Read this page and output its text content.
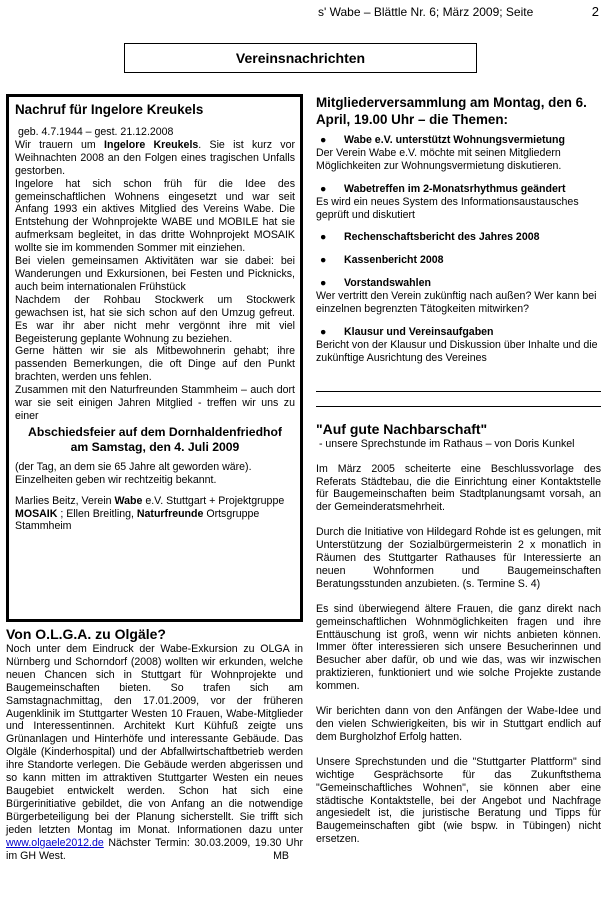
s' Wabe – Blättle Nr. 6; März 2009; Seite	2
Vereinsnachrichten
Nachruf für Ingelore Kreukels
geb. 4.7.1944 – gest. 21.12.2008
Wir trauern um Ingelore Kreukels. Sie ist kurz vor Weihnachten 2008 an den Folgen eines tragischen Unfalls gestorben.
Ingelore hat sich schon früh für die Idee des gemeinschaftlichen Wohnens eingesetzt und war seit Anfang 1993 ein aktives Mitglied des Vereins Wabe. Die Entstehung der Wohnprojekte WABE und MOBILE hat sie aufmerksam begleitet, in das dritte Wohnprojekt MOSAIK wollte sie im kommenden Sommer mit einziehen.
Bei vielen gemeinsamen Aktivitäten war sie dabei: bei Wanderungen und Exkursionen, bei Festen und Picknicks, auch beim internationalen Frühstück
Nachdem der Rohbau Stockwerk um Stockwerk gewachsen ist, hat sie sich schon auf den Umzug gefreut. Es war ihr aber nicht mehr vergönnt ihre mit viel Begeisterung geplante Wohnung zu beziehen.
Gerne hätten wir sie als Mitbewohnerin gehabt; ihre passenden Bemerkungen, die oft Dinge auf den Punkt brachten, werden uns fehlen.
Zusammen mit den Naturfreunden Stammheim – auch dort war sie seit einigen Jahren Mitglied - treffen wir uns zu einer
Abschiedsfeier auf dem Dornhaldenfriedhof
am Samstag, den 4. Juli 2009
(der Tag, an dem sie 65 Jahre alt geworden wäre). Einzelheiten geben wir rechtzeitig bekannt.
Marlies Beitz, Verein Wabe e.V. Stuttgart + Projektgruppe MOSAIK ; Ellen Breitling, Naturfreunde Ortsgruppe Stammheim
Von O.L.G.A. zu Olgäle?
Noch unter dem Eindruck der Wabe-Exkursion zu OLGA in Nürnberg und Schorndorf (2008) wollten wir erkunden, welche neuen Chancen sich in Stuttgart für Wohnprojekte und Baugemeinschaften bieten. So trafen sich am Samstagnachmittag, den 17.01.2009, vor der früheren Augenklinik im Stuttgarter Westen 10 Frauen, Wabe-Mitglieder und Interessentinnen. Architekt Kurt Kühfuß zeigte uns Grünanlagen und Hinterhöfe und interessante Gebäude. Das Olgäle (Kinderhospital) und der Abfallwirtschaftbetrieb werden ihre Standorte verlegen. Die Gebäude werden abgerissen und so kann mitten im attraktiven Stuttgarter Westen ein neues Baugebiet entwickelt werden. Schon hat sich eine Bürgerinitiative gebildet, die von Anfang an die notwendige Bürgerbeteiligung bei der Planung sicherstellt. Sie trifft sich jeden letzten Montag im Monat. Informationen dazu unter www.olgaele2012.de Nächster Termin: 30.03.2009, 19.30 Uhr im GH West.	MB
Mitgliederversammlung am Montag, den 6. April, 19.00 Uhr – die Themen:
● Wabe e.V. unterstützt Wohnungsvermietung
Der Verein Wabe e.V. möchte mit seinen Mitgliedern Möglichkeiten zur Wohnungsvermietung diskutieren.
● Wabetreffen im 2-Monatsrhythmus geändert
Es wird ein neues System des Informationsaustausches geprüft und diskutiert
● Rechenschaftsbericht des Jahres 2008
● Kassenbericht 2008
● Vorstandswahlen
Wer vertritt den Verein zukünftig nach außen? Wer kann bei einzelnen begrenzten Tätogkeiten mitwirken?
● Klausur und Vereinsaufgaben
Bericht von der Klausur und Diskussion über Inhalte und die zukünftige Ausrichtung des Vereines
"Auf gute Nachbarschaft"
- unsere Sprechstunde im Rathaus – von Doris Kunkel
Im März 2005 scheiterte eine Beschlussvorlage des Referats Städtebau, die die Einrichtung einer Kontaktstelle für Baugemeinschaften beim Stadtplanungsamt vorsah, an der Gemeinderatsmehrheit.
Durch die Initiative von Hildegard Rohde ist es gelungen, mit Unterstützung der Sozialbürgermeisterin 2 x monatlich in Räumen des Stuttgarter Rathauses für Interessierte an neuen Wohnformen und Baugemeinschaften Beratungsstunden anzubieten. (s. Termine S. 4)
Es sind überwiegend ältere Frauen, die ganz direkt nach gemeinschaftlichen Wohnmöglichkeiten fragen und ihre Enttäuschung ist groß, wenn wir nichts anbieten können. Immer öfter interessieren sich unsere Besucherinnen und Besucher aber dafür, ob und wie das, was wir inzwischen praktizieren, funktioniert und wie solche Projekte zustande kommen.
Wir berichten dann von den Anfängen der Wabe-Idee und den vielen Schwierigkeiten, bis wir in Stuttgart endlich auf dem Burgholzhof Erfolg hatten.
Unsere Sprechstunden und die "Stuttgarter Plattform" sind wichtige Gesprächsorte für das Zukunftsthema "Gemeinschaftliches Wohnen", sie können aber eine städtische Kontaktstelle, bei der Angebot und Nachfrage angesiedelt ist, die juristische Beratung und Tipps für Baugemeinschaften gibt (wie bspw. in Tübingen) nicht ersetzen.
